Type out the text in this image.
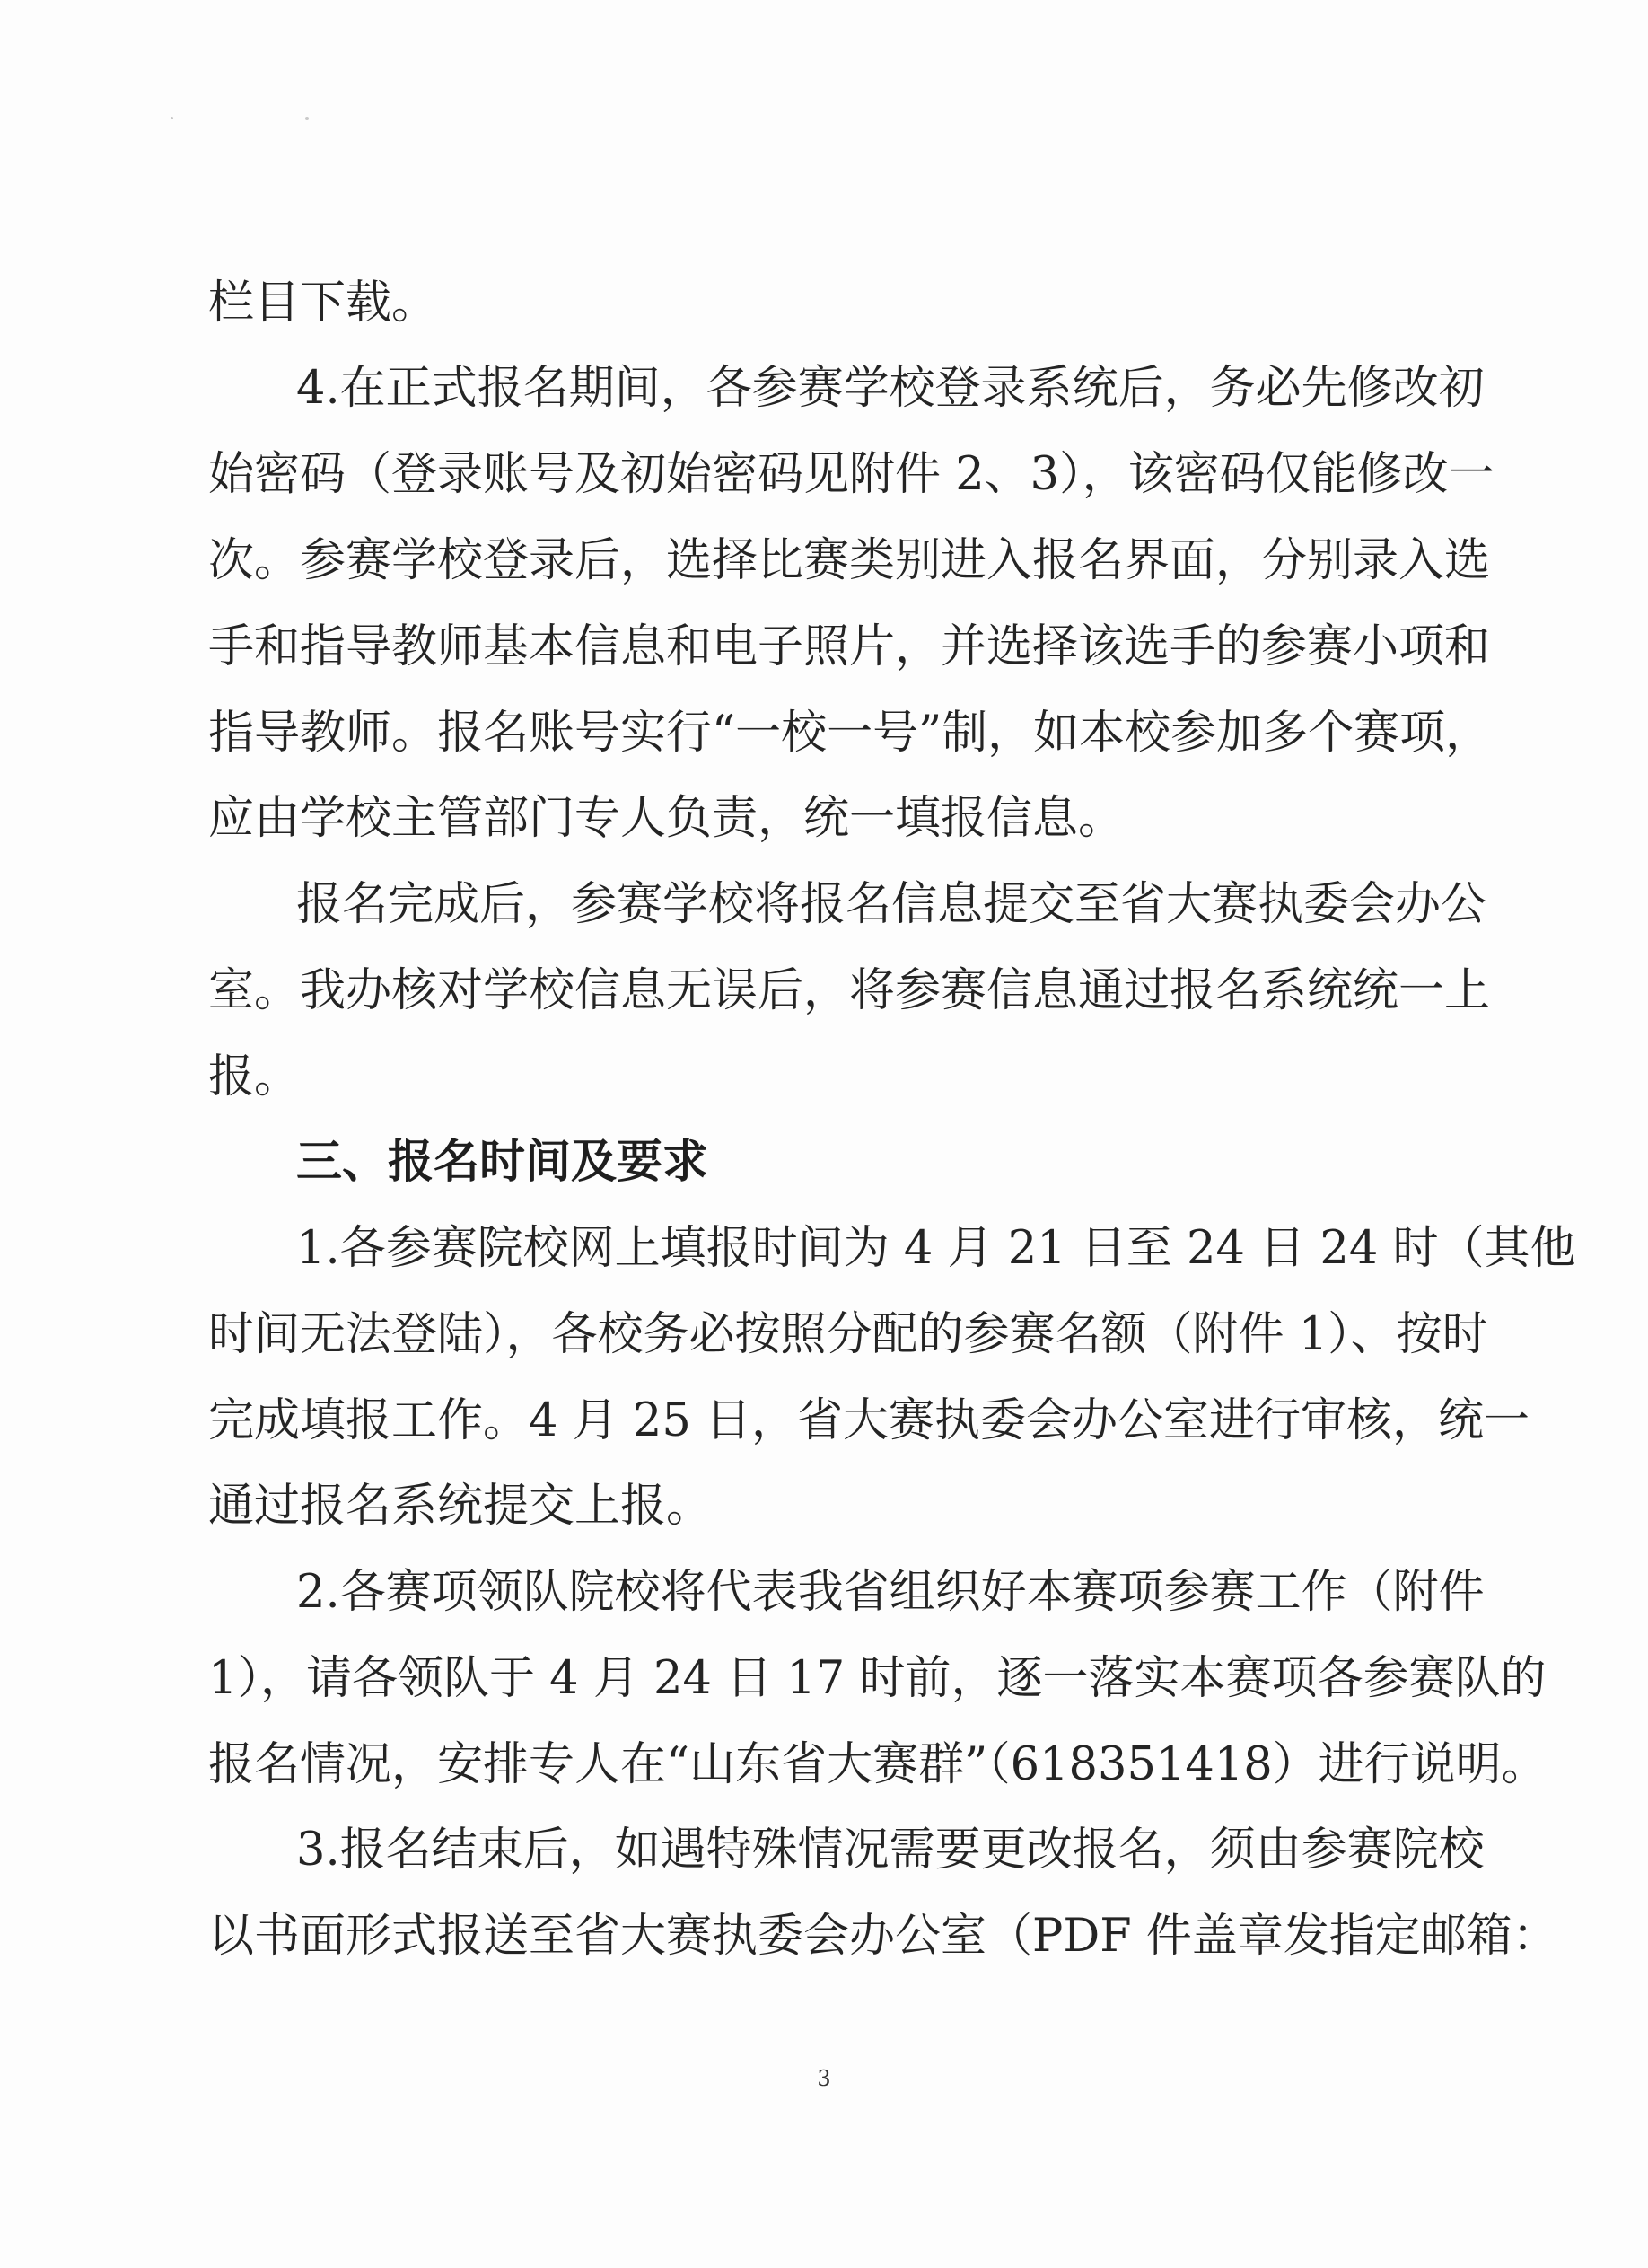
栏目下载。
4.在正式报名期间，各参赛学校登录系统后，务必先修改初
始密码（登录账号及初始密码见附件 2、3），该密码仅能修改一
次。参赛学校登录后，选择比赛类别进入报名界面，分别录入选
手和指导教师基本信息和电子照片，并选择该选手的参赛小项和
指导教师。报名账号实行“一校一号”制，如本校参加多个赛项，
应由学校主管部门专人负责，统一填报信息。
报名完成后，参赛学校将报名信息提交至省大赛执委会办公
室。我办核对学校信息无误后，将参赛信息通过报名系统统一上
报。
三、报名时间及要求
1.各参赛院校网上填报时间为 4 月 21 日至 24 日 24 时（其他
时间无法登陆），各校务必按照分配的参赛名额（附件 1）、按时
完成填报工作。4 月 25 日，省大赛执委会办公室进行审核，统一
通过报名系统提交上报。
2.各赛项领队院校将代表我省组织好本赛项参赛工作（附件
1），请各领队于 4 月 24 日 17 时前，逐一落实本赛项各参赛队的
报名情况，安排专人在“山东省大赛群”（618351418）进行说明。
3.报名结束后，如遇特殊情况需要更改报名，须由参赛院校
以书面形式报送至省大赛执委会办公室（PDF 件盖章发指定邮箱：
3
